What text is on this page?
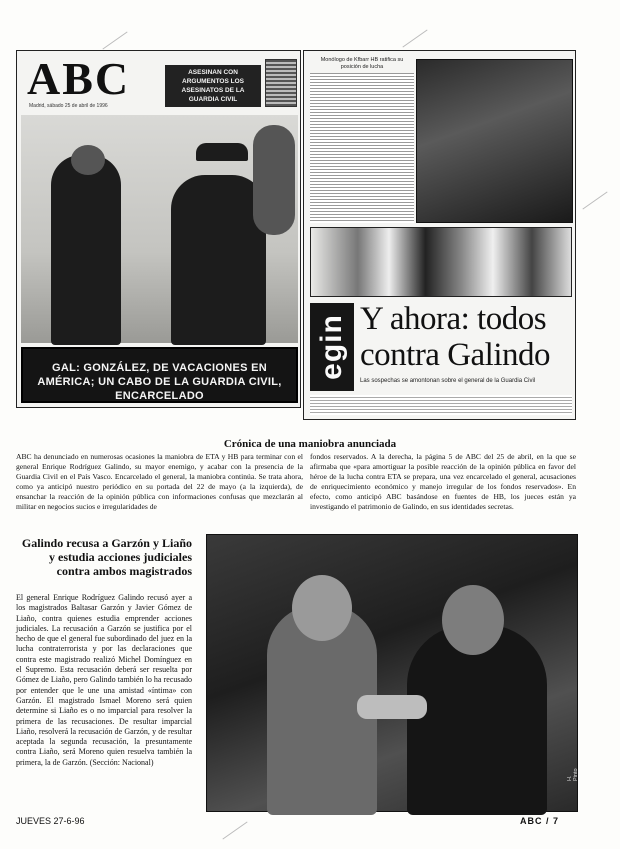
ABC
Madrid, sábado 25 de abril de 1996
ASESINAN CON ARGUMENTOS LOS ASESINATOS DE LA GUARDIA CIVIL
GAL: GONZÁLEZ, DE VACACIONES EN AMÉRICA; UN CABO DE LA GUARDIA CIVIL, ENCARCELADO
Monólogo de Kfbarr HB ratifica su posición de lucha
egin Y ahora: todos contra Galindo
Las sospechas se amontonan sobre el general de la Guardia Civil
Crónica de una maniobra anunciada
ABC ha denunciado en numerosas ocasiones la maniobra de ETA y HB para terminar con el general Enrique Rodríguez Galindo, su mayor enemigo, y acabar con la presencia de la Guardia Civil en el País Vasco. Encarcelado el general, la maniobra continúa. Se trata ahora, como ya anticipó nuestro periódico en su portada del 22 de mayo (a la izquierda), de ensanchar la reacción de la opinión pública con informaciones confusas que mezclarán al militar en negocios sucios e irregularidades de
fondos reservados. A la derecha, la página 5 de ABC del 25 de abril, en la que se afirmaba que «para amortiguar la posible reacción de la opinión pública en favor del héroe de la lucha contra ETA se prepara, una vez encarcelado el general, acusaciones de enriquecimiento económico y manejo irregular de los fondos reservados». En efecto, como anticipó ABC basándose en fuentes de HB, los jueces están ya investigando el patrimonio de Galindo, en sus identidades secretas.
Galindo recusa a Garzón y Liaño y estudia acciones judiciales contra ambos magistrados
El general Enrique Rodríguez Galindo recusó ayer a los magistrados Baltasar Garzón y Javier Gómez de Liaño, contra quienes estudia emprender acciones judiciales. La recusación a Garzón se justifica por el hecho de que el general fue subordinado del juez en la lucha contraterrorista y por las declaraciones que contra este magistrado realizó Michel Domínguez en el Supremo. Esta recusación deberá ser resuelta por Gómez de Liaño, pero Galindo también lo ha recusado por entender que le une una amistad «íntima» con Garzón. El magistrado Ismael Moreno será quien determine si Liaño es o no imparcial para resolver la primera de las recusaciones. De resultar imparcial Liaño, resolverá la recusación de Garzón, y de resultar aceptada la segunda recusación, la presuntamente contra Liaño, será Moreno quien resuelva también la primera, la de Garzón. (Sección: Nacional)
H. Pinto
JUEVES 27-6-96	ABC / 7
